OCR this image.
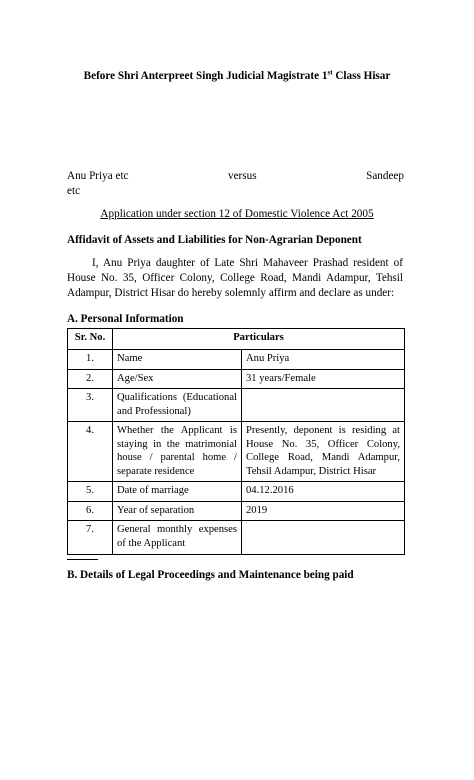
Before Shri Anterpreet Singh Judicial Magistrate 1st Class Hisar
Anu Priya etc	versus	Sandeep
etc
Application under section 12 of Domestic Violence Act 2005
Affidavit of Assets and Liabilities for Non-Agrarian Deponent
I, Anu Priya daughter of Late Shri Mahaveer Prashad resident of House No. 35, Officer Colony, College Road, Mandi Adampur, Tehsil Adampur, District Hisar do hereby solemnly affirm and declare as under:
A. Personal Information
Sr. No.	Particulars	
1.	Name	Anu Priya
2.	Age/Sex	31 years/Female
3.	Qualifications (Educational and Professional)	
4.	Whether the Applicant is staying in the matrimonial house / parental home / separate residence	Presently, deponent is residing at House No. 35, Officer Colony, College Road, Mandi Adampur, Tehsil Adampur, District Hisar
5.	Date of marriage	04.12.2016
6.	Year of separation	2019
7.	General monthly expenses of the Applicant	
B. Details of Legal Proceedings and Maintenance being paid
